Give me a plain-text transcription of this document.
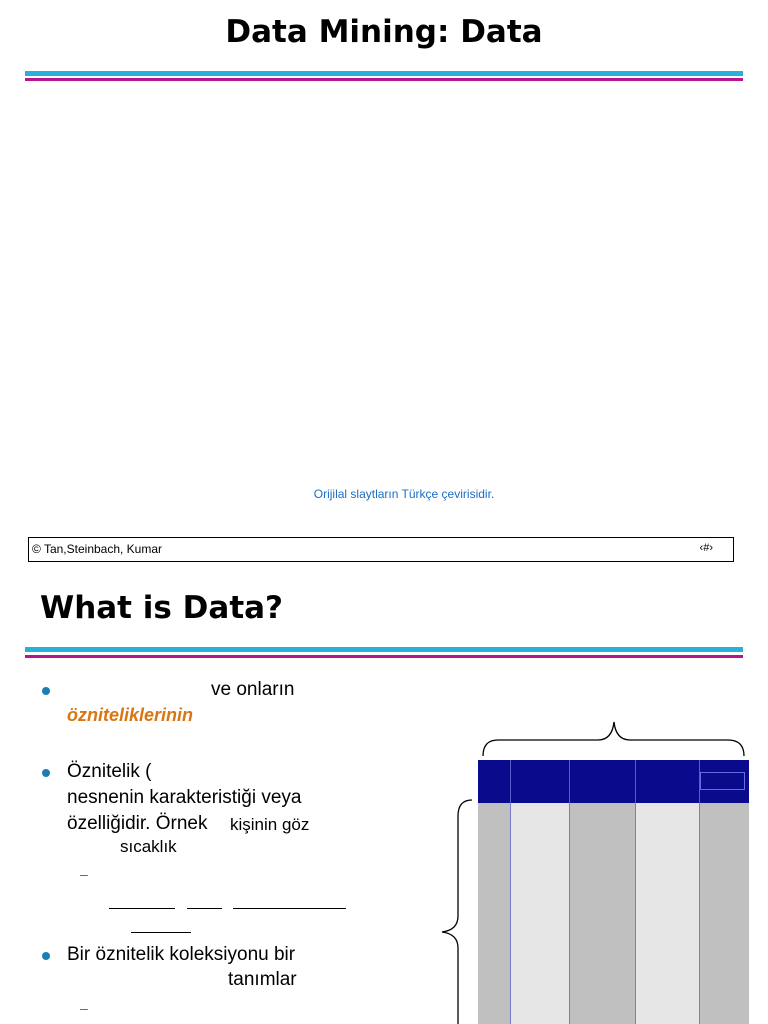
Data Mining: Data
Orijilal slaytların Türkçe çevirisidir.
© Tan,Steinbach, Kumar	‹#›
What is Data?
ve onların
özniteliklerinin
Öznitelik (
nesnenin karakteristiği veya
özelliğidir. Örnek kişinin göz
sıcaklık
–
Bir öznitelik koleksiyonu bir
tanımlar
–
